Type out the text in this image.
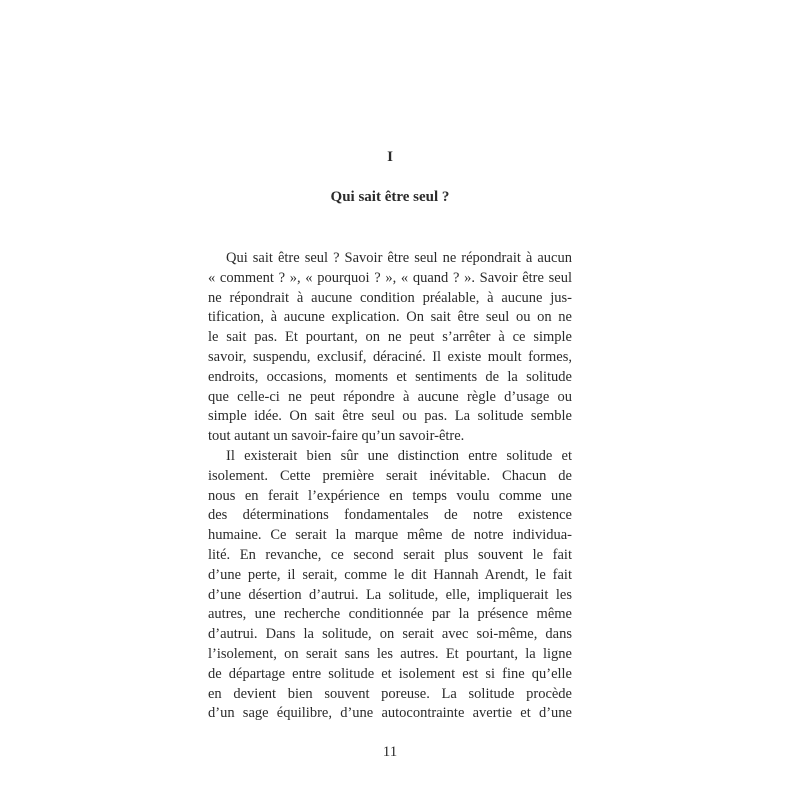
I
Qui sait être seul ?
Qui sait être seul ? Savoir être seul ne répondrait à aucun
« comment ? », « pourquoi ? », « quand ? ». Savoir être seul
ne répondrait à aucune condition préalable, à aucune jus-
tification, à aucune explication. On sait être seul ou on ne
le sait pas. Et pourtant, on ne peut s’arrêter à ce simple
savoir, suspendu, exclusif, déraciné. Il existe moult formes,
endroits, occasions, moments et sentiments de la solitude
que celle-ci ne peut répondre à aucune règle d’usage ou
simple idée. On sait être seul ou pas. La solitude semble
tout autant un savoir-faire qu’un savoir-être.
Il existerait bien sûr une distinction entre solitude et
isolement. Cette première serait inévitable. Chacun de
nous en ferait l’expérience en temps voulu comme une
des déterminations fondamentales de notre existence
humaine. Ce serait la marque même de notre individua-
lité. En revanche, ce second serait plus souvent le fait
d’une perte, il serait, comme le dit Hannah Arendt, le fait
d’une désertion d’autrui. La solitude, elle, impliquerait les
autres, une recherche conditionnée par la présence même
d’autrui. Dans la solitude, on serait avec soi-même, dans
l’isolement, on serait sans les autres. Et pourtant, la ligne
de départage entre solitude et isolement est si fine qu’elle
en devient bien souvent poreuse. La solitude procède
d’un sage équilibre, d’une autocontrainte avertie et d’une
11
